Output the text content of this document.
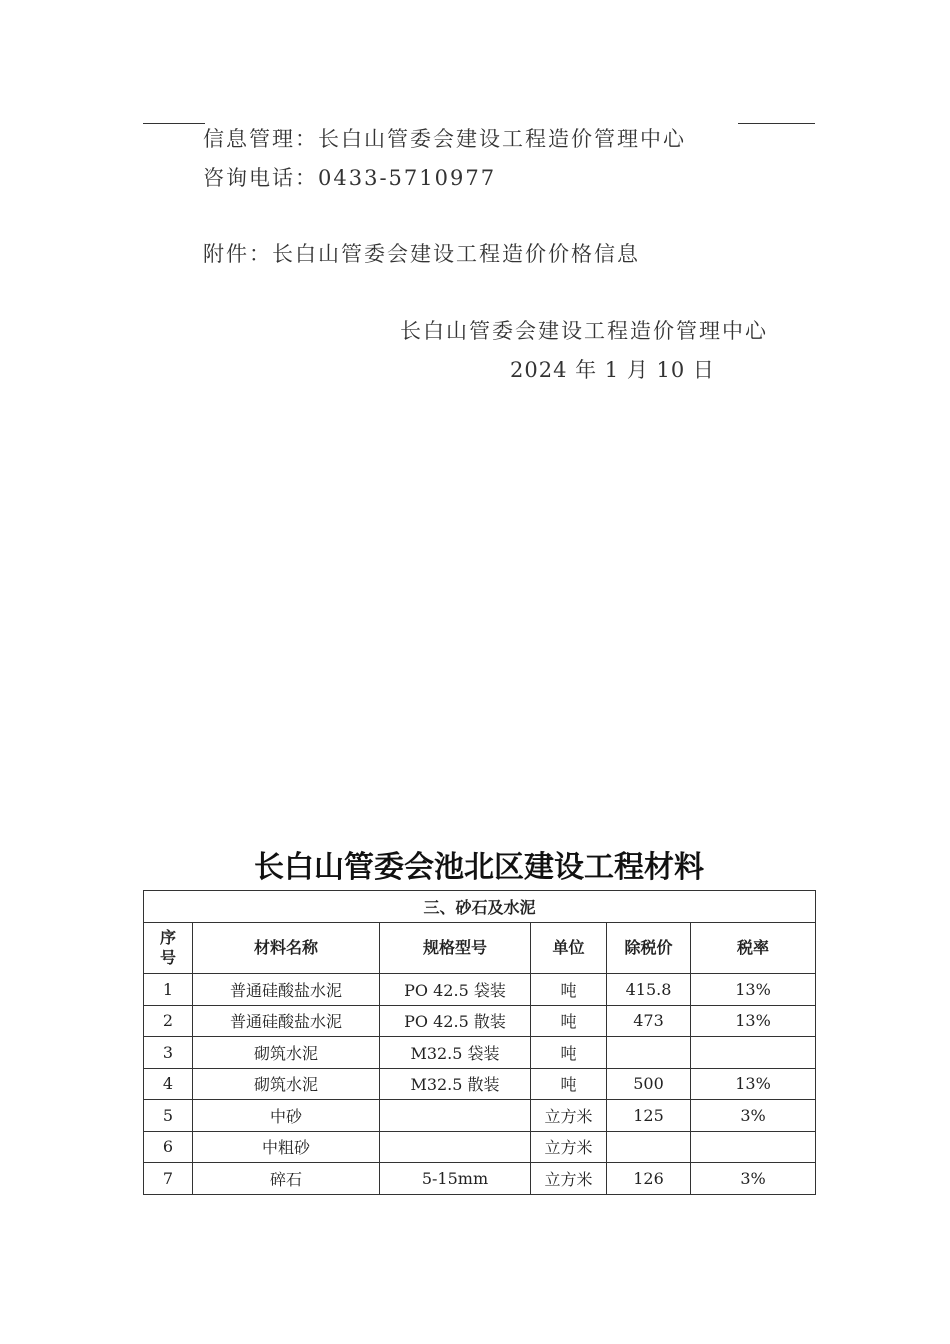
信息管理：长白山管委会建设工程造价管理中心
咨询电话：0433-5710977
附件：长白山管委会建设工程造价价格信息
长白山管委会建设工程造价管理中心
2024 年 1 月 10 日
长白山管委会池北区建设工程材料
三、砂石及水泥					
序号	材料名称	规格型号	单位	除税价	税率
1	普通硅酸盐水泥	PO 42.5 袋装	吨	415.8	13%
2	普通硅酸盐水泥	PO 42.5 散装	吨	473	13%
3	砌筑水泥	M32.5 袋装	吨		
4	砌筑水泥	M32.5 散装	吨	500	13%
5	中砂		立方米	125	3%
6	中粗砂		立方米		
7	碎石	5-15mm	立方米	126	3%
